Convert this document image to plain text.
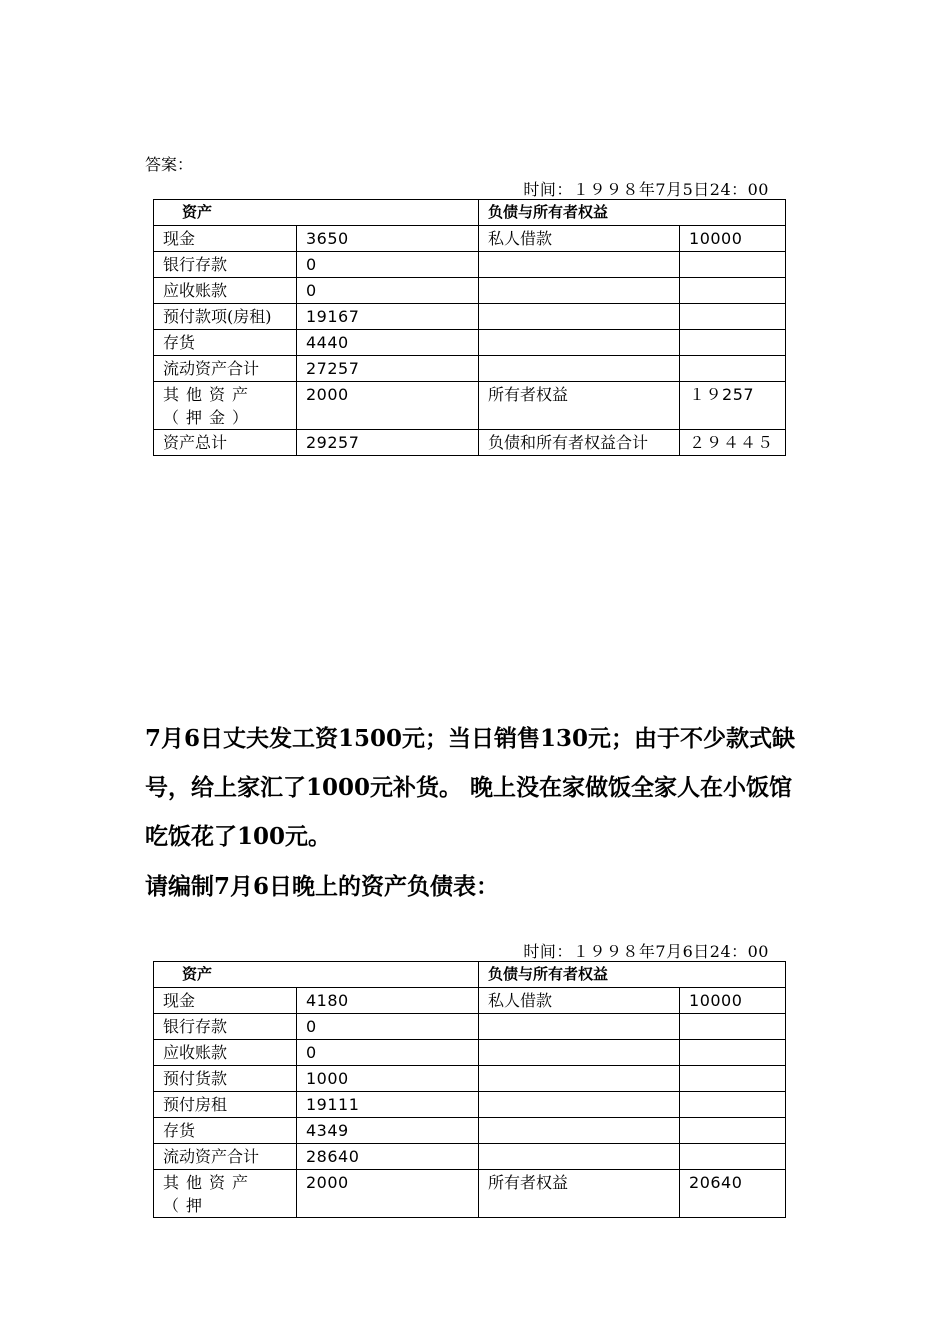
答案：
时间：１９９８年7月5日24：00
资产		负债与所有者权益	
现金	3650	私人借款	10000
银行存款	0		
应收账款	0		
预付款项(房租)	19167		
存货	4440		
流动资产合计	27257		
其他资产（押金）	2000	所有者权益	１９257
资产总计	29257	负债和所有者权益合计	２９４４５
7月6日丈夫发工资1500元；当日销售130元；由于不少款式缺号，给上家汇了1000元补货。 晚上没在家做饭全家人在小饭馆吃饭花了100元。
请编制7月6日晚上的资产负债表：
时间：１９９８年7月6日24：00
资产		负债与所有者权益	
现金	4180	私人借款	10000
银行存款	0		
应收账款	0		
预付货款	1000		
预付房租	19111		
存货	4349		
流动资产合计	28640		
其他资产（押	2000	所有者权益	20640
